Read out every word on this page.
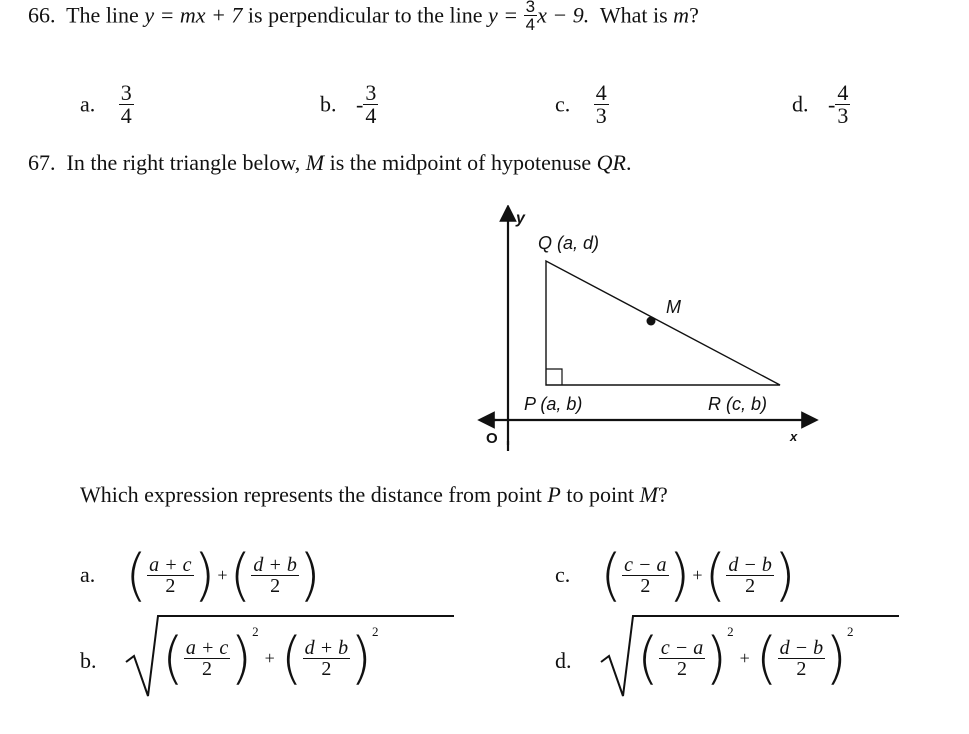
66. The line y = mx + 7 is perpendicular to the line $y = \frac{3}{4}$ x − 9. What is m?
a. $\frac{3}{4}$	b. - $\frac{3}{4}$	c. $\frac{4}{3}$	d. - $\frac{4}{3}$
67. In the right triangle below, M is the midpoint of hypotenuse QR.
y
x
O
Q (a, d)
M
P (a, b)	R (c, b)
Which expression represents the distance from point P to point M?
a. ( $\frac{a + c}{2}$ ) + ( $\frac{d + b}{2}$ )	c. ( $\frac{c - a}{2}$ ) + ( $\frac{d - b}{2}$ )
b. ( $\frac{a + c}{2} )^2$
+ ( $\frac{d + b}{2} )^2$
d. ( $\frac{c - a}{2} )^2$
+ ( $\frac{d - b}{2} )^2$
